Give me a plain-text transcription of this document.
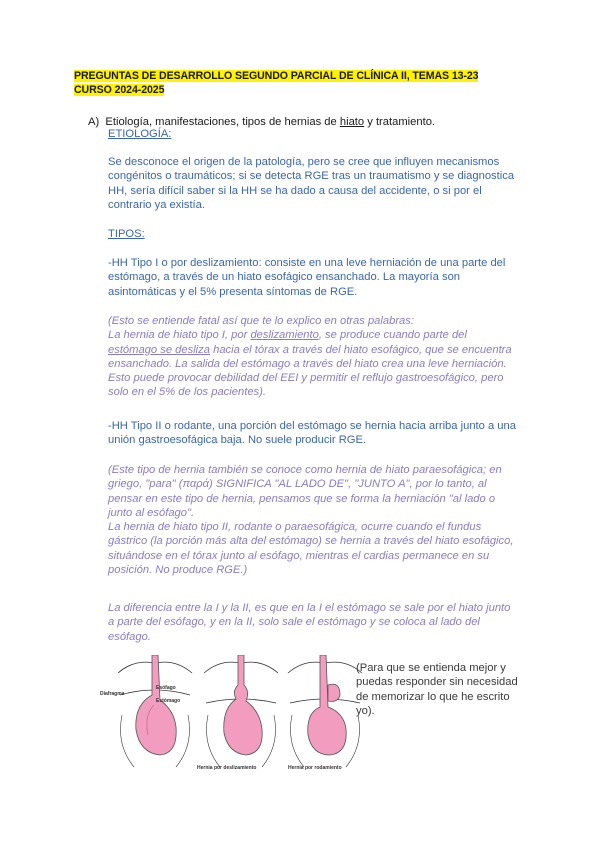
PREGUNTAS DE DESARROLLO SEGUNDO PARCIAL DE CLÍNICA II, TEMAS 13-23
CURSO 2024-2025
A) Etiología, manifestaciones, tipos de hernias de hiato y tratamiento.
ETIOLOGÍA:

Se desconoce el origen de la patología, pero se cree que influyen mecanismos congénitos o traumáticos; si se detecta RGE tras un traumatismo y se diagnostica HH, sería difícil saber si la HH se ha dado a causa del accidente, o si por el contrario ya existía.

TIPOS:

-HH Tipo I o por deslizamiento: consiste en una leve herniación de una parte del estómago, a través de un hiato esofágico ensanchado. La mayoría son asintomáticas y el 5% presenta síntomas de RGE.

(Esto se entiende fatal así que te lo explico en otras palabras:
La hernia de hiato tipo I, por deslizamiento, se produce cuando parte del estómago se desliza hacia el tórax a través del hiato esofágico, que se encuentra ensanchado. La salida del estómago a través del hiato crea una leve herniación. Esto puede provocar debilidad del EEI y permitir el reflujo gastroesofágico, pero solo en el 5% de los pacientes).

-HH Tipo II o rodante, una porción del estómago se hernia hacia arriba junto a una unión gastroesofágica baja. No suele producir RGE.

(Este tipo de hernia también se conoce como hernia de hiato paraesofágica; en griego, "para" (παρά) SIGNIFICA "AL LADO DE", "JUNTO A", por lo tanto, al pensar en este tipo de hernia, pensamos que se forma la herniación "al lado o junto al esófago".
La hernia de hiato tipo II, rodante o paraesofágica, ocurre cuando el fundus gástrico (la porción más alta del estómago) se hernia a través del hiato esofágico, situándose en el tórax junto al esófago, mientras el cardias permanece en su posición. No produce RGE.)

La diferencia entre la I y la II, es que en la I el estómago se sale por el hiato junto a parte del esófago, y en la II, solo sale el estómago y se coloca al lado del esófago.

Diafragma
Esófago
Estómago
Hernia por deslizamiento	Hernia por rodamiento

(Para que se entienda mejor y puedas responder sin necesidad de memorizar lo que he escrito yo).
